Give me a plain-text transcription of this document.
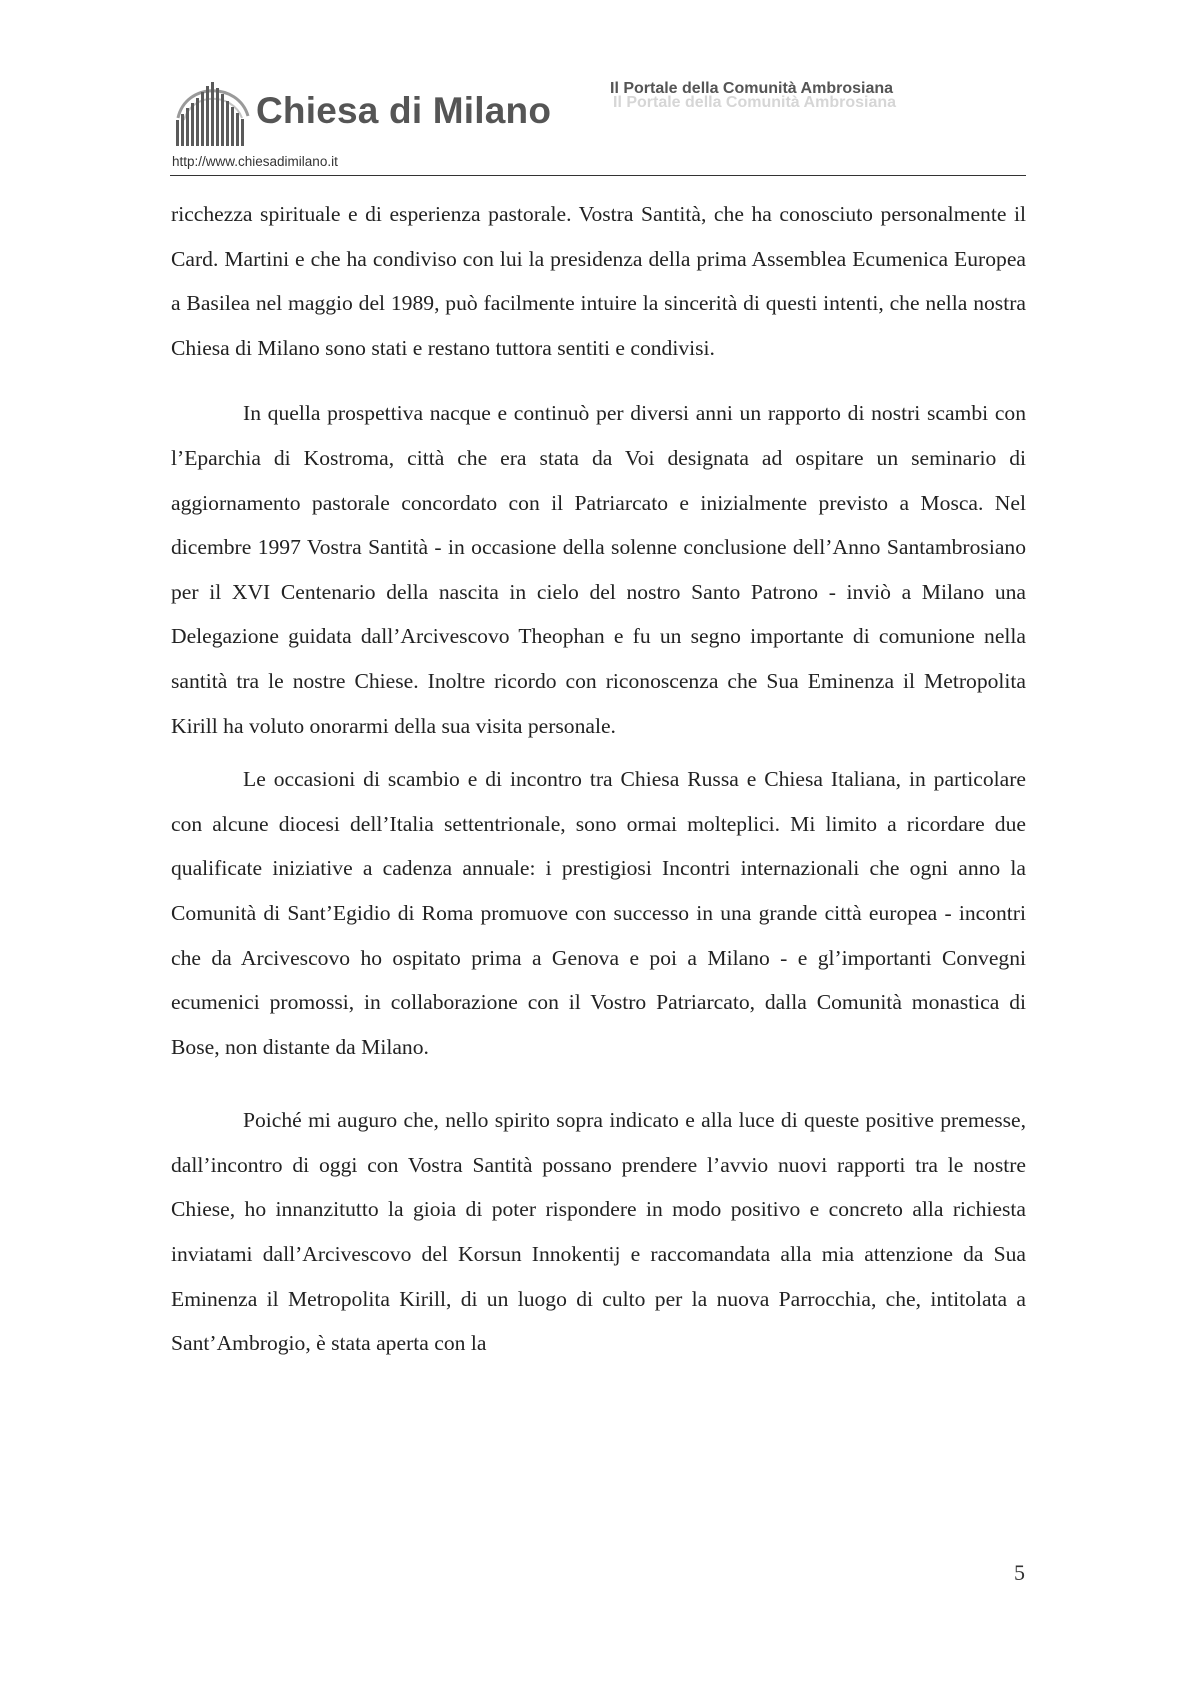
Chiesa di Milano
Il Portale della Comunità Ambrosiana
Il Portale della Comunità Ambrosiana
http://www.chiesadimilano.it

ricchezza spirituale e di esperienza pastorale. Vostra Santità, che ha conosciuto personalmente il Card. Martini e che ha condiviso con lui la presidenza della prima Assemblea Ecumenica Europea a Basilea nel maggio del 1989, può facilmente intuire la sincerità di questi intenti, che nella nostra Chiesa di Milano sono stati e restano tuttora sentiti e condivisi.

In quella prospettiva nacque e continuò per diversi anni un rapporto di nostri scambi con l’Eparchia di Kostroma, città che era stata da Voi designata ad ospitare un seminario di aggiornamento pastorale concordato con il Patriarcato e inizialmente previsto a Mosca. Nel dicembre 1997 Vostra Santità - in occasione della solenne conclusione dell’Anno Santambrosiano per il XVI Centenario della nascita in cielo del nostro Santo Patrono - inviò a Milano una Delegazione guidata dall’Arcivescovo Theophan e fu un segno importante di comunione nella santità tra le nostre Chiese. Inoltre ricordo con riconoscenza che Sua Eminenza il Metropolita Kirill ha voluto onorarmi della sua visita personale.

Le occasioni di scambio e di incontro tra Chiesa Russa e Chiesa Italiana, in particolare con alcune diocesi dell’Italia settentrionale, sono ormai molteplici. Mi limito a ricordare due qualificate iniziative a cadenza annuale: i prestigiosi Incontri internazionali che ogni anno la Comunità di Sant’Egidio di Roma promuove con successo in una grande città europea - incontri che da Arcivescovo ho ospitato prima a Genova e poi a Milano - e gl’importanti Convegni ecumenici promossi, in collaborazione con il Vostro Patriarcato, dalla Comunità monastica di Bose, non distante da Milano.

Poiché mi auguro che, nello spirito sopra indicato e alla luce di queste positive premesse, dall’incontro di oggi con Vostra Santità possano prendere l’avvio nuovi rapporti tra le nostre Chiese, ho innanzitutto la gioia di poter rispondere in modo positivo e concreto alla richiesta inviatami dall’Arcivescovo del Korsun Innokentij e raccomandata alla mia attenzione da Sua Eminenza il Metropolita Kirill, di un luogo di culto per la nuova Parrocchia, che, intitolata a Sant’Ambrogio, è stata aperta con la

5
